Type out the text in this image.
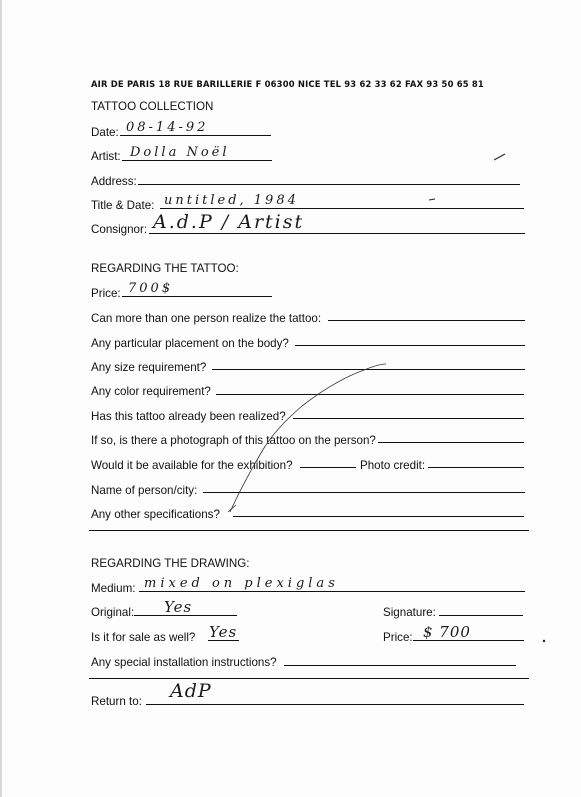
AIR DE PARIS 18 RUE BARILLERIE F 06300 NICE TEL 93 62 33 62 FAX 93 50 65 81
TATTOO COLLECTION
Date: 08-14-92
Artist: Dolla Noël
Address:
Title & Date: untitled, 1984
Consignor: A.d.P / Artist
REGARDING THE TATTOO:
Price: 700$
Can more than one person realize the tattoo:
Any particular placement on the body?
Any size requirement?
Any color requirement?
Has this tattoo already been realized?
If so, is there a photograph of this tattoo on the person?
Would it be available for the exhibition?	Photo credit:
Name of person/city:
Any other specifications?
REGARDING THE DRAWING:
Medium: mixed on plexiglas
Original: Yes	Signature:
Is it for sale as well? Yes	Price: $ 700
Any special installation instructions?
Return to: AdP
